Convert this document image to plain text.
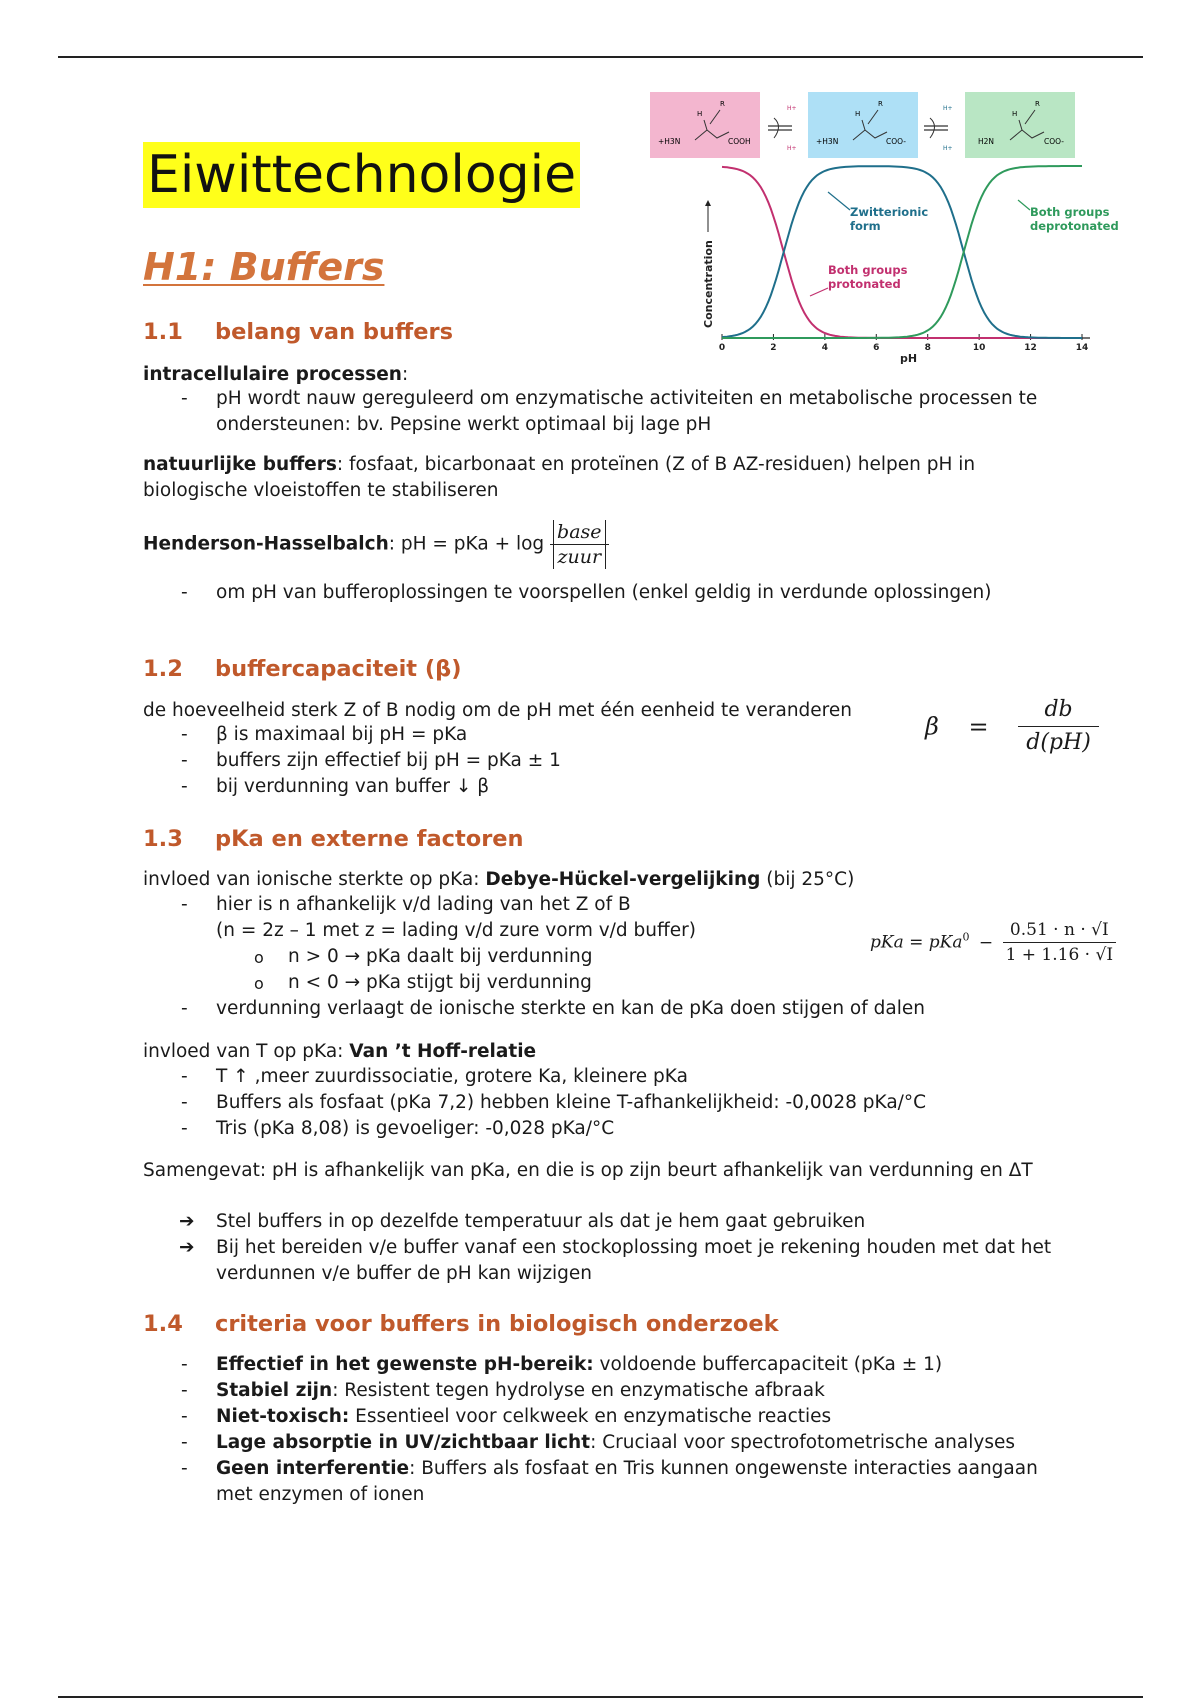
H
R
+H3N	COOH
H+
H+
H
R
+H3N	COO-
H+
H+
H
R
H2N	COO-
Concentration
0	2	4	6	8	10	12	14
pH
Zwitterionic
form
Both groups
deprotonated
Both groups
protonated
Eiwittechnologie
H1: Buffers
1.1 belang van buffers

intracellulaire processen:

- pH wordt nauw gereguleerd om enzymatische activiteiten en metabolische processen te ondersteunen: bv. Pepsine werkt optimaal bij lage pH

natuurlijke buffers: fosfaat, bicarbonaat en proteïnen (Z of B AZ-residuen) helpen pH in biologische vloeistoffen te stabiliseren

Henderson-Hasselbalch: pH = pKa + $\log \frac{\text{base}}{\text{zuur}}$
- om pH van bufferoplossingen te voorspellen (enkel geldig in verdunde oplossingen)
1.2 buffercapaciteit (β)

de hoeveelheid sterk Z of B nodig om de pH met één eenheid te veranderen

- β is maximaal bij pH = pKa
- buffers zijn effectief bij pH = pKa ± 1
- bij verdunning van buffer ↓ β
$\beta = \frac{db}{d(pH)}$
1.3 pKa en externe factoren

invloed van ionische sterkte op pKa: Debye-Hückel-vergelijking (bij 25°C)

- hier is n afhankelijk v/d lading van het Z of B
(n = 2z – 1 met z = lading v/d zure vorm v/d buffer)
o n > 0 → pKa daalt bij verdunning
o n < 0 → pKa stijgt bij verdunning
- verdunning verlaagt de ionische sterkte en kan de pKa doen stijgen of dalen
pKa = $pKa^0 - \frac{0.51 \cdot n \cdot √I}{1 + 1.16 \cdot √I}$

invloed van T op pKa: Van ’t Hoff-relatie

- T ↑ ,meer zuurdissociatie, grotere Ka, kleinere pKa
- Buffers als fosfaat (pKa 7,2) hebben kleine T-afhankelijkheid: -0,0028 pKa/°C
- Tris (pKa 8,08) is gevoeliger: -0,028 pKa/°C

Samengevat: pH is afhankelijk van pKa, en die is op zijn beurt afhankelijk van verdunning en ΔT

➔ Stel buffers in op dezelfde temperatuur als dat je hem gaat gebruiken
➔ Bij het bereiden v/e buffer vanaf een stockoplossing moet je rekening houden met dat het verdunnen v/e buffer de pH kan wijzigen
1.4 criteria voor buffers in biologisch onderzoek
- Effectief in het gewenste pH-bereik: voldoende buffercapaciteit (pKa ± 1)
- Stabiel zijn: Resistent tegen hydrolyse en enzymatische afbraak
- Niet-toxisch: Essentieel voor celkweek en enzymatische reacties
- Lage absorptie in UV/zichtbaar licht: Cruciaal voor spectrofotometrische analyses
- Geen interferentie: Buffers als fosfaat en Tris kunnen ongewenste interacties aangaan met enzymen of ionen
